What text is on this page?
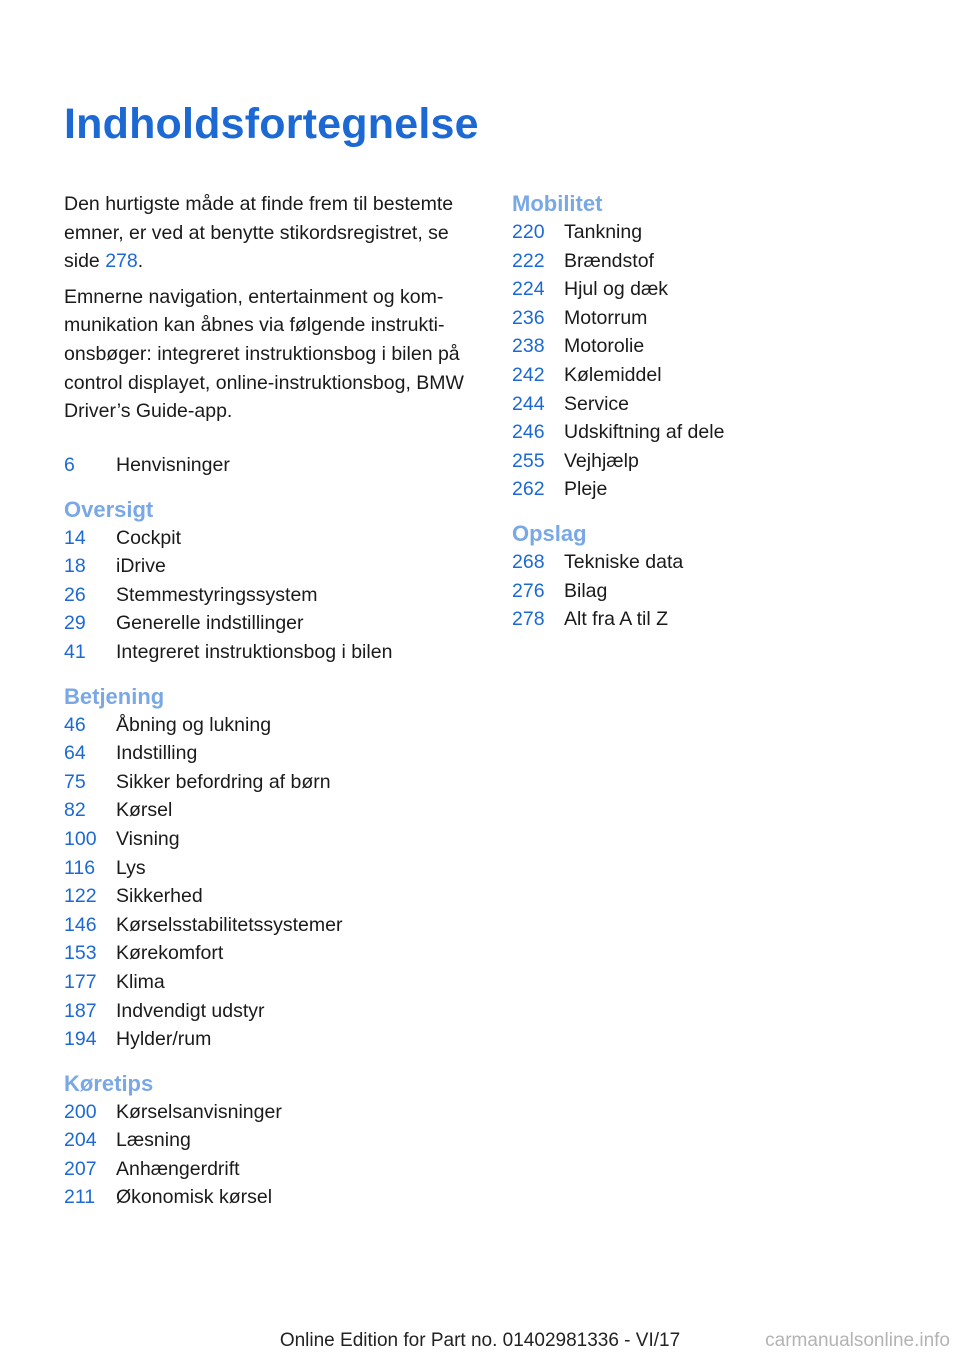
Indholdsfortegnelse

Den hurtigste måde at finde frem til bestemte emner, er ved at benytte stikordsregistret, se side 278.

Emnerne navigation, entertainment og kommunikation kan åbnes via følgende instruktionsbøger: integreret instruktionsbog i bilen på control displayet, online-instruktionsbog, BMW Driver’s Guide-app.

6	Henvisninger
Oversigt
14	Cockpit
18	iDrive
26	Stemmestyringssystem
29	Generelle indstillinger
41	Integreret instruktionsbog i bilen
Betjening
46	Åbning og lukning
64	Indstilling
75	Sikker befordring af børn
82	Kørsel
100 Visning
116	Lys
122 Sikkerhed
146 Kørselsstabilitetssystemer
153 Kørekomfort
177 Klima
187 Indvendigt udstyr
194 Hylder/rum
Køretips
200 Kørselsanvisninger
204 Læsning
207 Anhængerdrift
211	Økonomisk kørsel
Mobilitet
220 Tankning
222 Brændstof
224 Hjul og dæk
236 Motorrum
238 Motorolie
242 Kølemiddel
244 Service
246 Udskiftning af dele
255 Vejhjælp
262 Pleje
Opslag
268 Tekniske data
276 Bilag
278 Alt fra A til Z
Online Edition for Part no. 01402981336 - VI/17	carmanualsonline.info
